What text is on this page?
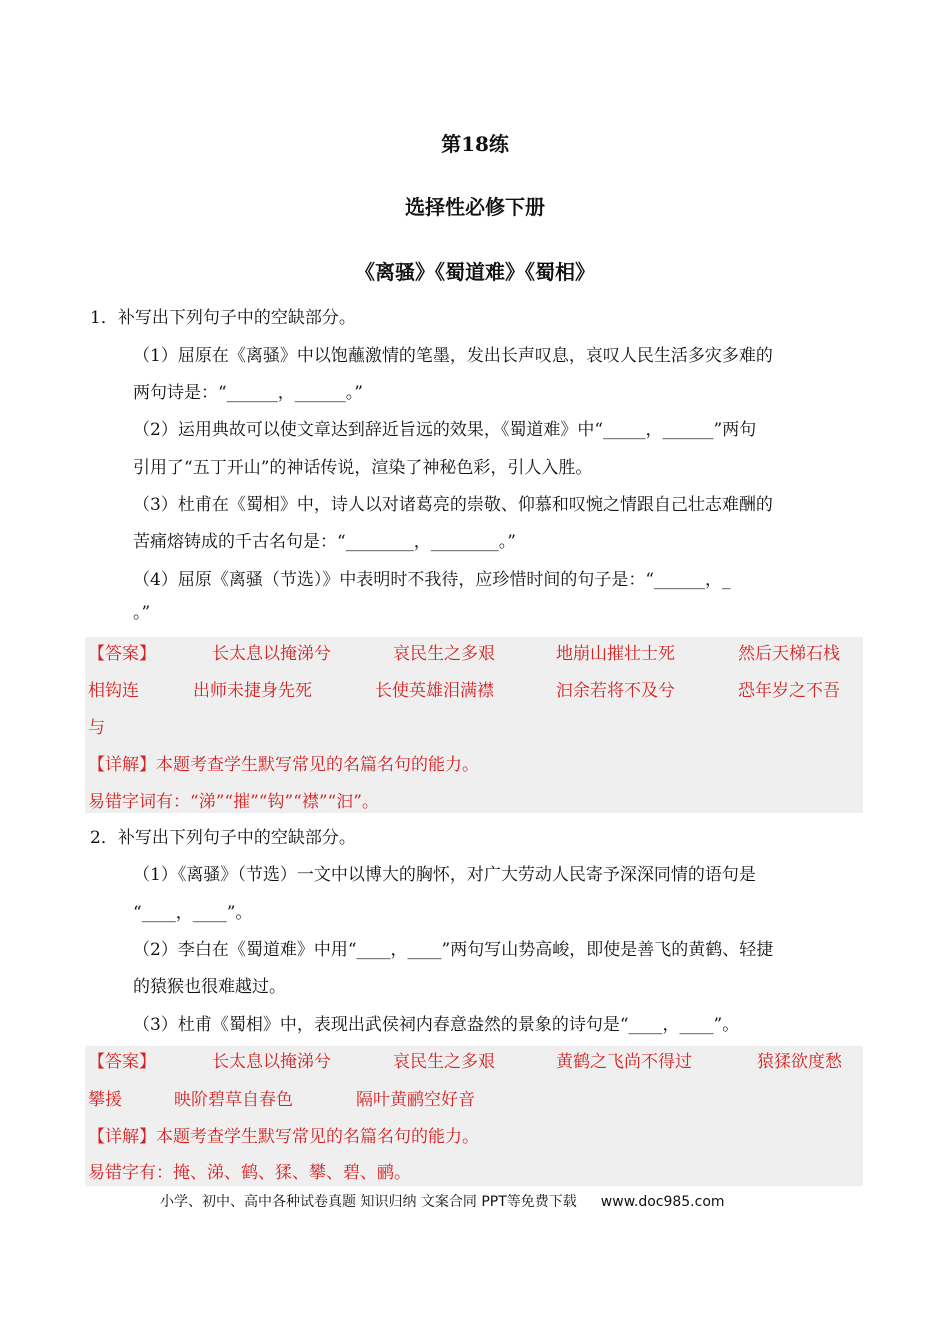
第18练
选择性必修下册
《离骚》《蜀道难》《蜀相》
1．补写出下列句子中的空缺部分。
（1）屈原在《离骚》中以饱蘸激情的笔墨，发出长声叹息，哀叹人民生活多灾多难的
两句诗是：“______，______。”
（2）运用典故可以使文章达到辞近旨远的效果，《蜀道难》中“_____，______”两句
引用了“五丁开山”的神话传说，渲染了神秘色彩，引人入胜。
（3）杜甫在《蜀相》中，诗人以对诸葛亮的崇敬、仰慕和叹惋之情跟自己壮志难酬的
苦痛熔铸成的千古名句是：“________，________。”
（4）屈原《离骚（节选）》中表明时不我待，应珍惜时间的句子是：“______，_
。”
【答案】	长太息以掩涕兮	哀民生之多艰	地崩山摧壮士死	然后天梯石栈
相钩连	出师未捷身先死	长使英雄泪满襟	汩余若将不及兮	恐年岁之不吾
与
【详解】本题考查学生默写常见的名篇名句的能力。
易错字词有：“涕”“摧”“钩”“襟”“汩”。
2．补写出下列句子中的空缺部分。
（1）《离骚》（节选）一文中以博大的胸怀，对广大劳动人民寄予深深同情的语句是
“____，____”。
（2）李白在《蜀道难》中用“____，____”两句写山势高峻，即使是善飞的黄鹤、轻捷
的猿猴也很难越过。
（3）杜甫《蜀相》中，表现出武侯祠内春意盎然的景象的诗句是“____，____”。
【答案】	长太息以掩涕兮	哀民生之多艰	黄鹤之飞尚不得过	猿猱欲度愁
攀援	映阶碧草自春色	隔叶黄鹂空好音
【详解】本题考查学生默写常见的名篇名句的能力。
易错字有：掩、涕、鹤、猱、攀、碧、鹂。
小学、初中、高中各种试卷真题 知识归纳 文案合同 PPT等免费下载 www.doc985.com
